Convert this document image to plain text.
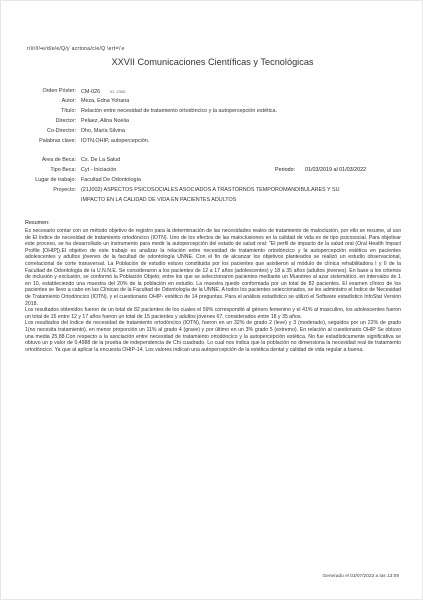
r/i/r/l/•e/d/e/e/Q/y´acrtona/c/e/Q \ert=\ʻe
XXVII Comunicaciones Científicas y Tecnológicas
Orden Póster: CM-026	ID: 2355
Autor: Meza, Edna Yohana
Título: Relación entre necesidad de tratamiento ortodóncico y la autopercepción estética.
Director: Pelaez, Alina Noelia
Co-Director: Dho, María Silvina
Palabras clave: IOTN,OHIP, autopercepción.
Área de Beca: Cs. De La Salud
Tipo Beca: Cyt - Iniciación	Periodo: 01/03/2019 al 01/03/2022
Lugar de trabajo: Facultad De Odontología
Proyecto: (21J002) ASPECTOS PSICOSOCIALES ASOCIADOS A TRASTORNOS TEMPOROMANDIBULARES Y SU
IMPACTO EN LA CALIDAD DE VIDA EN PACIENTES ADULTOS
Resumen:

Es necesario contar con un método objetivo de registro para la determinación de las necesidades reales de tratamiento de maloclusión, por ello se resume, al uso de El índice de necesidad de tratamiento ortodóncico (IOTN). Uno de los efectos de las maloclusiones en la calidad de vida es de tipo psicosocial. Para objetivar este proceso, se ha desarrollado un instrumento para medir la autopercepción del estado de salud oral: "El perfil de impacto de la salud oral (Oral Health Impact Profile [OHIP]).El objetivo de este trabajo es analizar la relación entre necesidad de tratamiento ortodóncico y la autopercepción estética en pacientes adolescentes y adultos jóvenes de la facultad de odontología UNNE. Con el fin de alcanzar los objetivos planteados se realizó un estudio observacional, correlacional de corte transversal. La Población de estudio estuvo constituida por los pacientes que asistieron al módulo de clínica rehabilitadora I y II de la Facultad de Odontología de la U.N.N.E. Se consideraron a los pacientes de 12 a 17 años (adolescentes) y 18 a 35 años (adultos jóvenes). En base a los criterios de inclusión y exclusión, se conformó la Población Objeto; entre los que se seleccionaron pacientes mediante un Muestreo al azar sistemático, en intervalos de 1 en 10, estableciendo una muestra del 20% de la población en estudio. La muestra quedo conformada por un total de 82 pacientes. El examen clínico de los pacientes se llevo a cabo en las Clínicas de la Facultad de Odontología de la UNNE. A todos los pacientes seleccionados, se les administro el Índice de Necesidad de Tratamiento Ortodóncico (IOTN), y el cuestionario OHIP- estético de 14 preguntas. Para el análisis estadístico se utilizó el Software estadístico InfoStat Versión 2018.

Los resultados obtenidos fueron de un total de 82 pacientes de los cuales el 59% correspondió al género femenino y el 41% al masculino, los adolescentes fueron un total de 15 entre 12 y 17 años fueron un total de 15 pacientes y adultos jóvenes 67, considerados entre 18 y 35 años.

Los resultados del índice de necesidad de tratamiento ortodóncico (IOTN), fueron en un 32% de grado 2 (leve) y 3 (moderado), seguidos por un 22% de grado 1(no necesita tratamiento), en menor proporción un 11% al grado 4 (grave) y por último en un 3% grado 5 (extremo). En relación al cuestionario OHIP Se obtuvo una media 25,88.Con respecto a la asociación entre necesidad de tratamiento ortodóncico y la autopercepción estética, No fue estadísticamente significativa se obtuvo un p valor de 0,4988 de la prueba de independencia de Chi cuadrado. Lo cual nos indica que la población no dimensiona la necesidad real de tratamiento ortodóncico. Ya que al aplicar la encuesta OHIP-14. Los valores indican una autopercepción de la estética dental y calidad de vida regular a buena.

Generado el 03/07/2023 a las 13:09
